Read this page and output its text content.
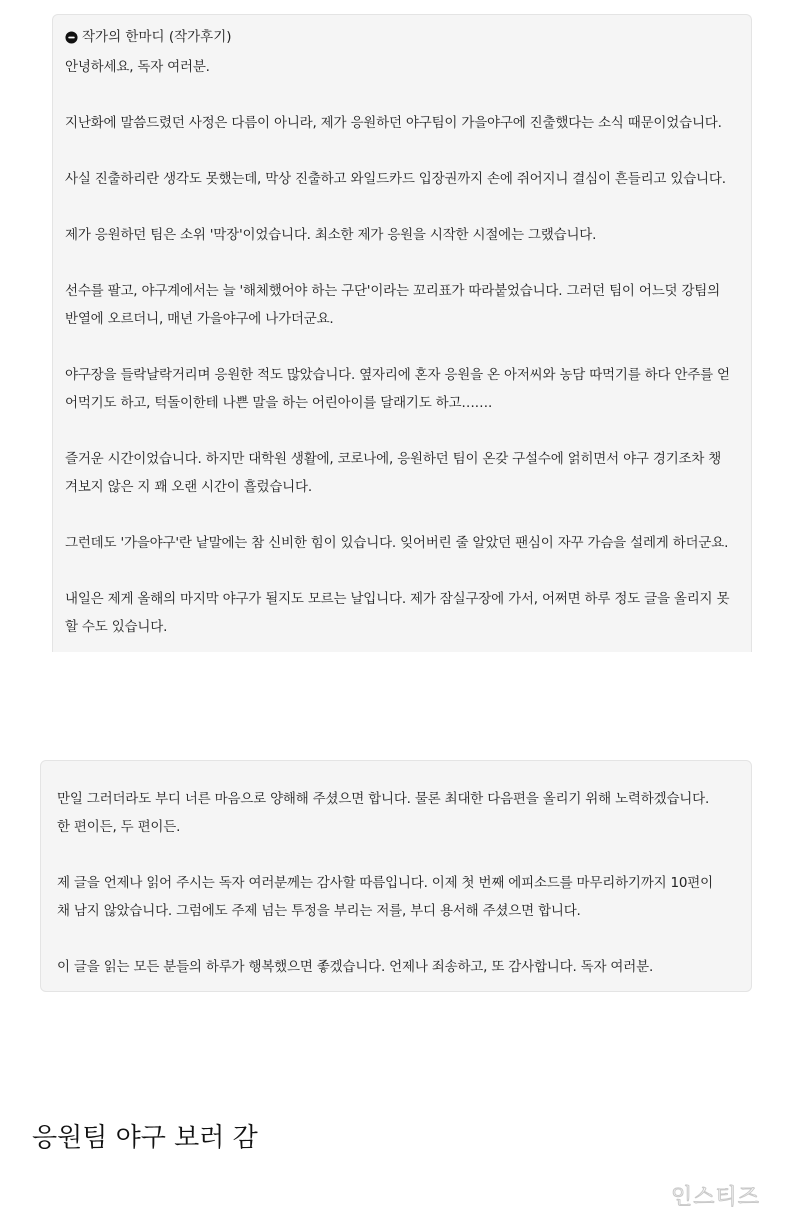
작가의 한마디 (작가후기)

안녕하세요, 독자 여러분.

지난화에 말씀드렸던 사정은 다름이 아니라, 제가 응원하던 야구팀이 가을야구에 진출했다는 소식 때문이었습니다.

사실 진출하리란 생각도 못했는데, 막상 진출하고 와일드카드 입장권까지 손에 쥐어지니 결심이 흔들리고 있습니다.

제가 응원하던 팀은 소위 '막장'이었습니다. 최소한 제가 응원을 시작한 시절에는 그랬습니다.

선수를 팔고, 야구계에서는 늘 '해체했어야 하는 구단'이라는 꼬리표가 따라붙었습니다. 그러던 팀이 어느덧 강팀의
반열에 오르더니, 매년 가을야구에 나가더군요.

야구장을 들락날락거리며 응원한 적도 많았습니다. 옆자리에 혼자 응원을 온 아저씨와 농담 따먹기를 하다 안주를 얻
어먹기도 하고, 턱돌이한테 나쁜 말을 하는 어린아이를 달래기도 하고…….

즐거운 시간이었습니다. 하지만 대학원 생활에, 코로나에, 응원하던 팀이 온갖 구설수에 얽히면서 야구 경기조차 챙
겨보지 않은 지 꽤 오랜 시간이 흘렀습니다.

그런데도 '가을야구'란 낱말에는 참 신비한 힘이 있습니다. 잊어버린 줄 알았던 팬심이 자꾸 가슴을 설레게 하더군요.

내일은 제게 올해의 마지막 야구가 될지도 모르는 날입니다. 제가 잠실구장에 가서, 어쩌면 하루 정도 글을 올리지 못
할 수도 있습니다.

만일 그러더라도 부디 너른 마음으로 양해해 주셨으면 합니다. 물론 최대한 다음편을 올리기 위해 노력하겠습니다.
한 편이든, 두 편이든.

제 글을 언제나 읽어 주시는 독자 여러분께는 감사할 따름입니다. 이제 첫 번째 에피소드를 마무리하기까지 10편이
채 남지 않았습니다. 그럼에도 주제 넘는 투정을 부리는 저를, 부디 용서해 주셨으면 합니다.

이 글을 읽는 모든 분들의 하루가 행복했으면 좋겠습니다. 언제나 죄송하고, 또 감사합니다. 독자 여러분.

응원팀 야구 보러 감
인스티즈
